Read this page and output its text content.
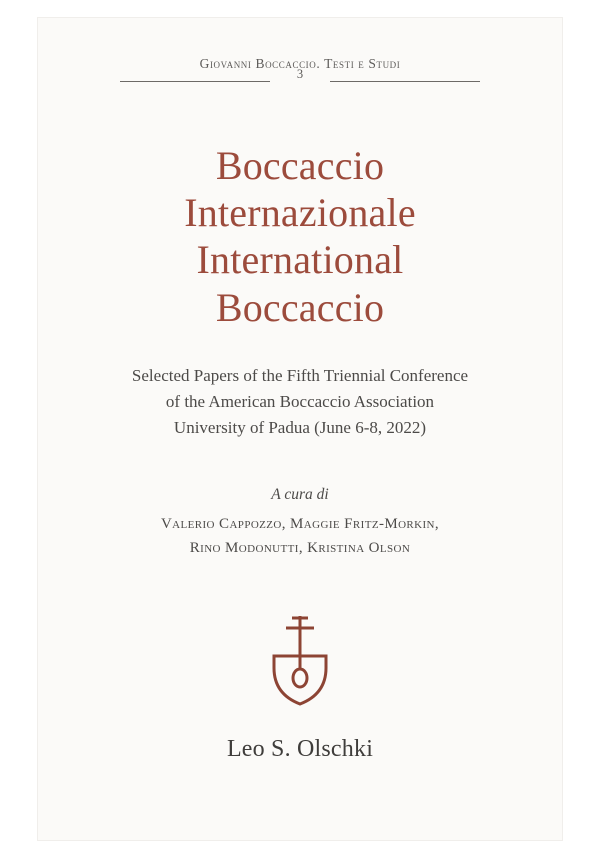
Giovanni Boccaccio. Testi e Studi
3
Boccaccio
Internazionale
International
Boccaccio
Selected Papers of the Fifth Triennial Conference
of the American Boccaccio Association
University of Padua (June 6-8, 2022)
A cura di
Valerio Cappozzo, Maggie Fritz-Morkin,
Rino Modonutti, Kristina Olson
Leo S. Olschki
